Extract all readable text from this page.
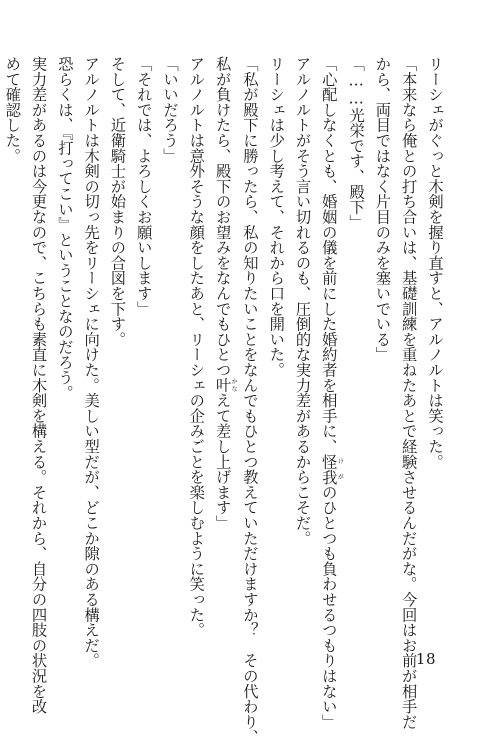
リーシェがぐっと木剣を握り直すと、アルノルトは笑った。
「本来なら俺との打ち合いは、基礎訓練を重ねたあとで経験させるんだがな。今回はお前が相手だ
から、両目ではなく片目のみを塞いでいる」
「……光栄です、殿下」
「心配しなくとも、婚姻の儀を前にした婚約者を相手に、怪我けがのひとつも負わせるつもりはない」
アルノルトがそう言い切れるのも、圧倒的な実力差があるからこそだ。
リーシェは少し考えて、それから口を開いた。
「私が殿下に勝ったら、私の知りたいことをなんでもひとつ教えていただけますか？　その代わり、
私が負けたら、殿下のお望みをなんでもひとつ叶かなえて差し上げます」
アルノルトは意外そうな顔をしたあと、リーシェの企みごとを楽しむように笑った。
「いいだろう」
「それでは、よろしくお願いします」
そして、近衛騎士が始まりの合図を下す。
アルノルトは木剣の切っ先をリーシェに向けた。美しい型だが、どこか隙のある構えだ。
恐らくは、『打ってこい』ということなのだろう。
実力差があるのは今更なので、こちらも素直に木剣を構える。それから、自分の四肢の状況を改
めて確認した。
18
